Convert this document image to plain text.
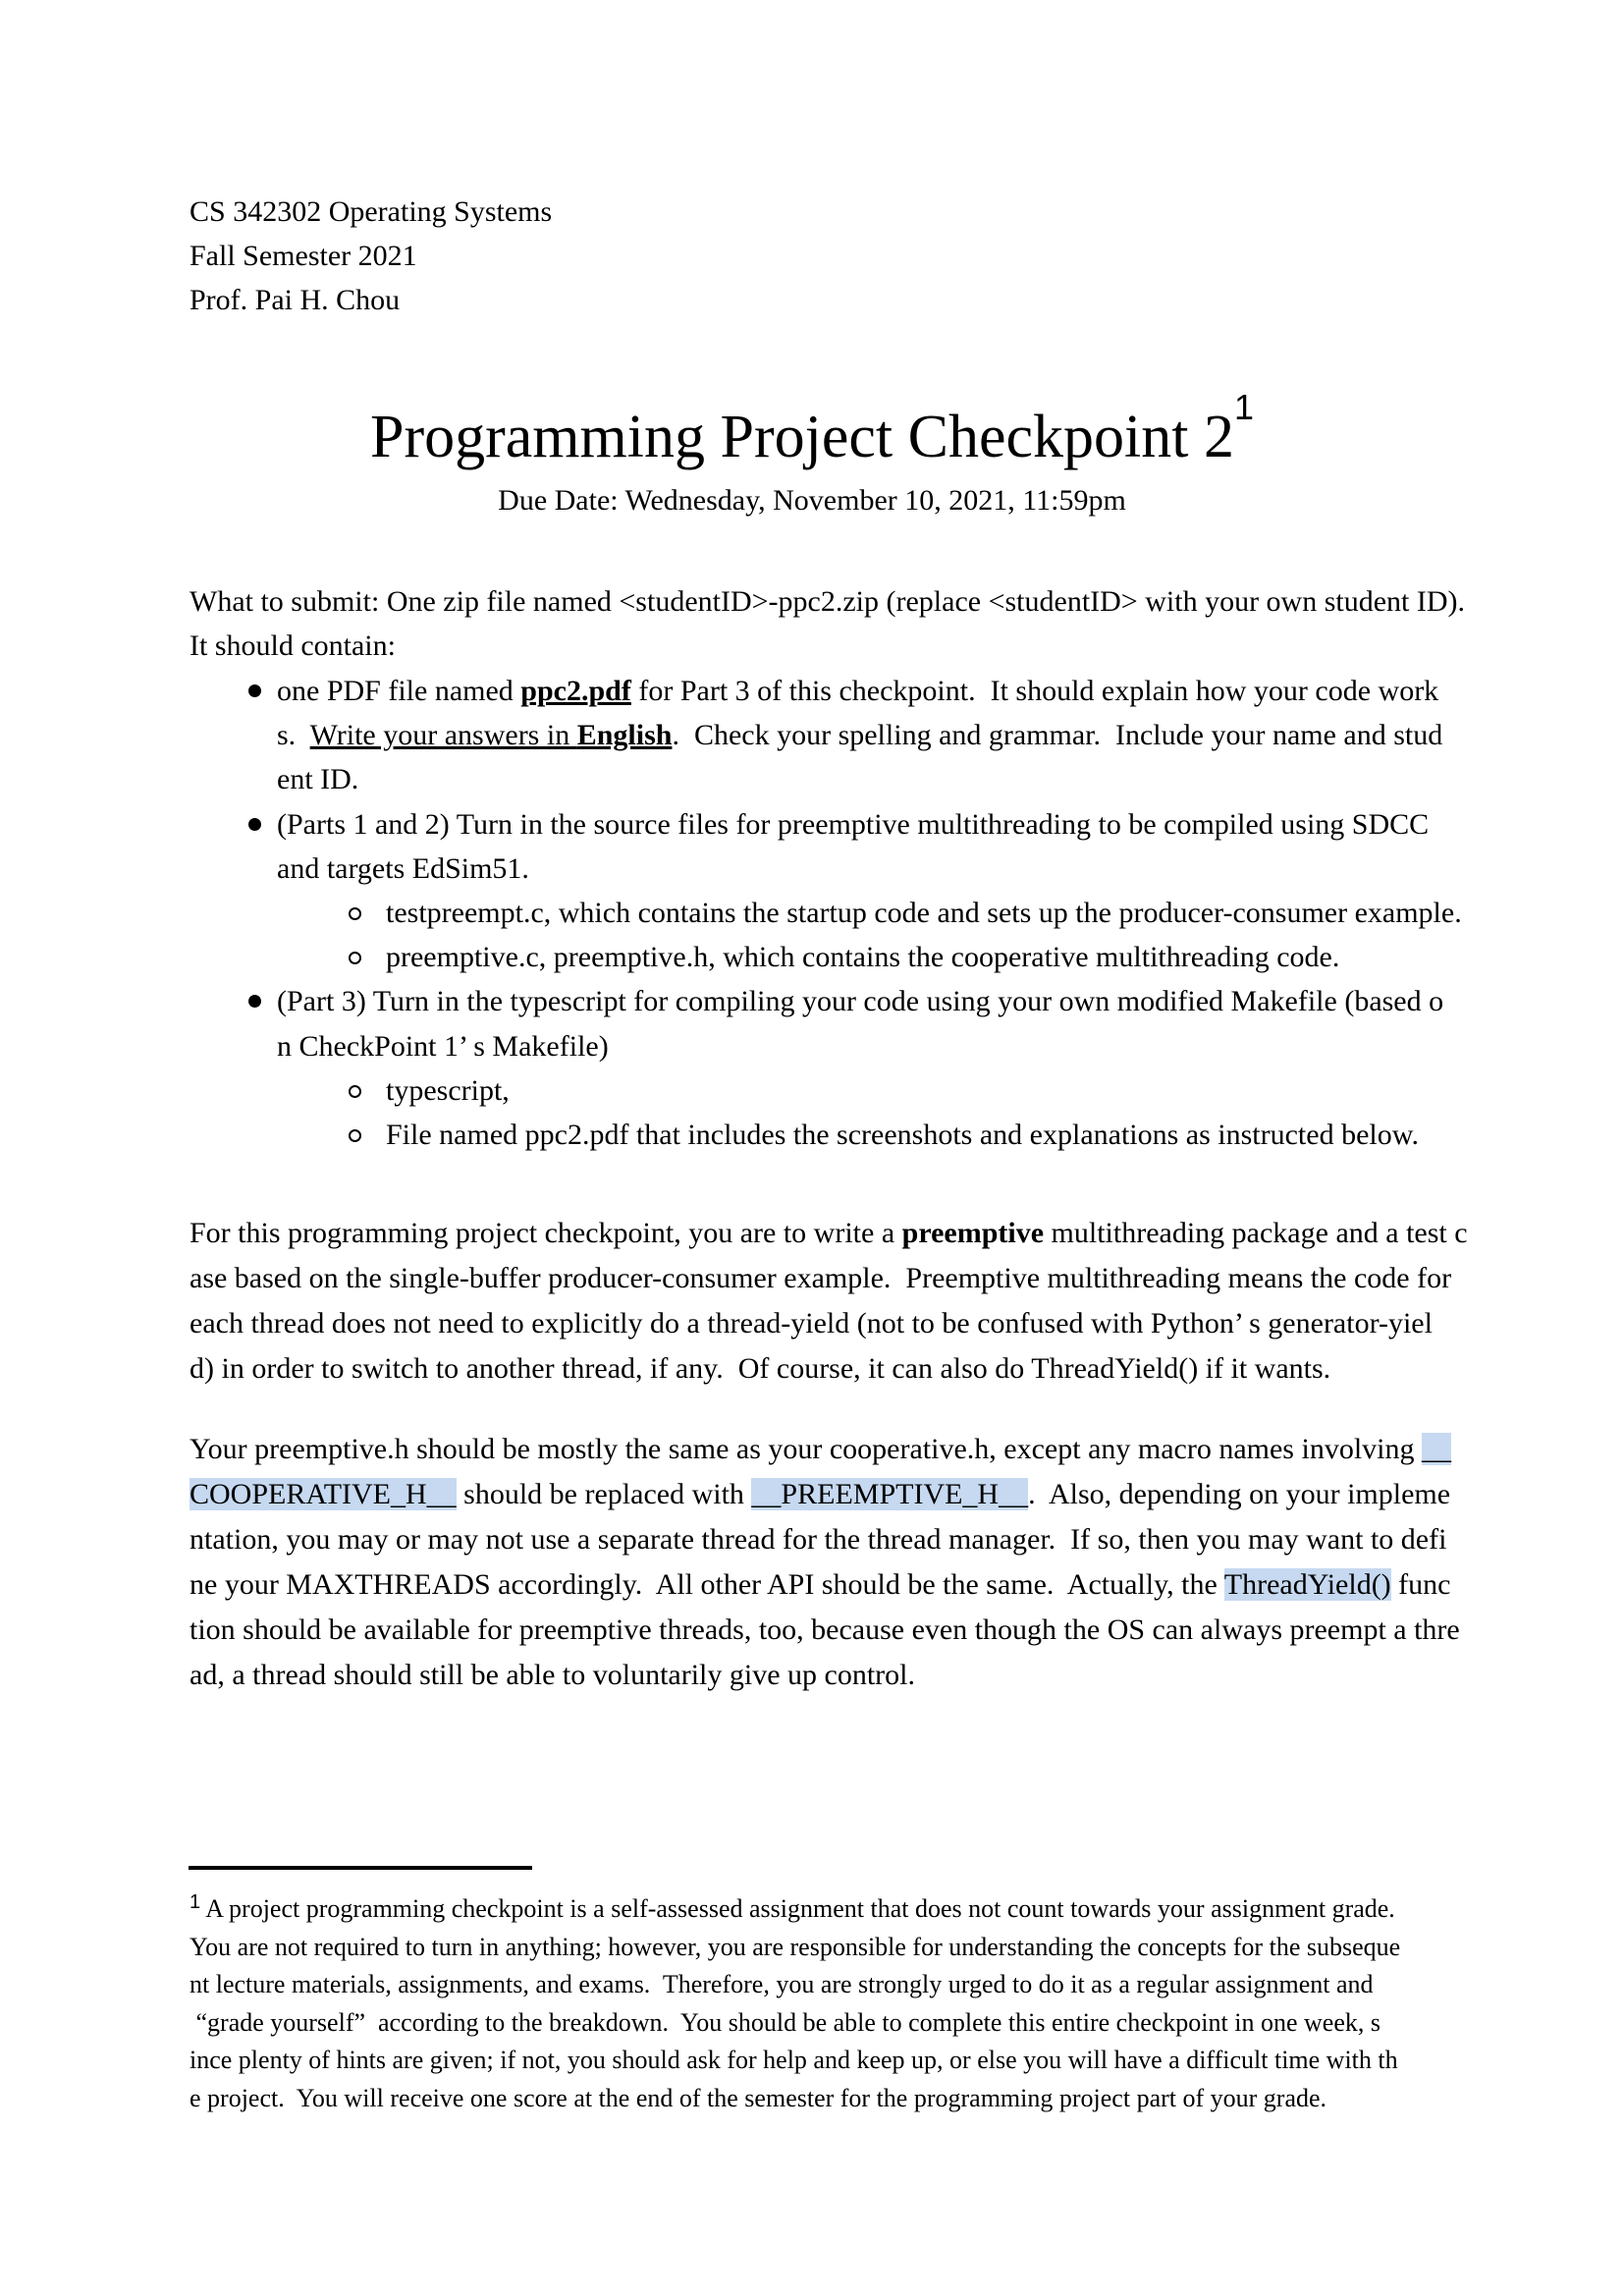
CS 342302 Operating Systems
Fall Semester 2021
Prof. Pai H. Chou
Programming Project Checkpoint $2^1$
Due Date: Wednesday, November 10, 2021, 11:59pm
What to submit: One zip file named <studentID>-ppc2.zip (replace <studentID> with your own student ID).
It should contain:
one PDF file named ppc2.pdf for Part 3 of this checkpoint.  It should explain how your code work
s.  Write your answers in English.  Check your spelling and grammar.  Include your name and stud
ent ID.
(Parts 1 and 2) Turn in the source files for preemptive multithreading to be compiled using SDCC
and targets EdSim51.
testpreempt.c, which contains the startup code and sets up the producer-consumer example.
preemptive.c, preemptive.h, which contains the cooperative multithreading code.
(Part 3) Turn in the typescript for compiling your code using your own modified Makefile (based o
n CheckPoint 1’ s Makefile)
typescript,
File named ppc2.pdf that includes the screenshots and explanations as instructed below.
For this programming project checkpoint, you are to write a preemptive multithreading package and a test c
ase based on the single-buffer producer-consumer example.  Preemptive multithreading means the code for
each thread does not need to explicitly do a thread-yield (not to be confused with Python’ s generator-yiel
d) in order to switch to another thread, if any.  Of course, it can also do ThreadYield() if it wants.
Your preemptive.h should be mostly the same as your cooperative.h, except any macro names involving __
COOPERATIVE_H__ should be replaced with __PREEMPTIVE_H__.  Also, depending on your impleme
ntation, you may or may not use a separate thread for the thread manager.  If so, then you may want to defi
ne your MAXTHREADS accordingly.  All other API should be the same.  Actually, the ThreadYield() func
tion should be available for preemptive threads, too, because even though the OS can always preempt a thre
ad, a thread should still be able to voluntarily give up control.
$^1$ A project programming checkpoint is a self-assessed assignment that does not count towards your assignment grade.
You are not required to turn in anything; however, you are responsible for understanding the concepts for the subseque
nt lecture materials, assignments, and exams.  Therefore, you are strongly urged to do it as a regular assignment and
“grade yourself”  according to the breakdown.  You should be able to complete this entire checkpoint in one week, s
ince plenty of hints are given; if not, you should ask for help and keep up, or else you will have a difficult time with th
e project.  You will receive one score at the end of the semester for the programming project part of your grade.
